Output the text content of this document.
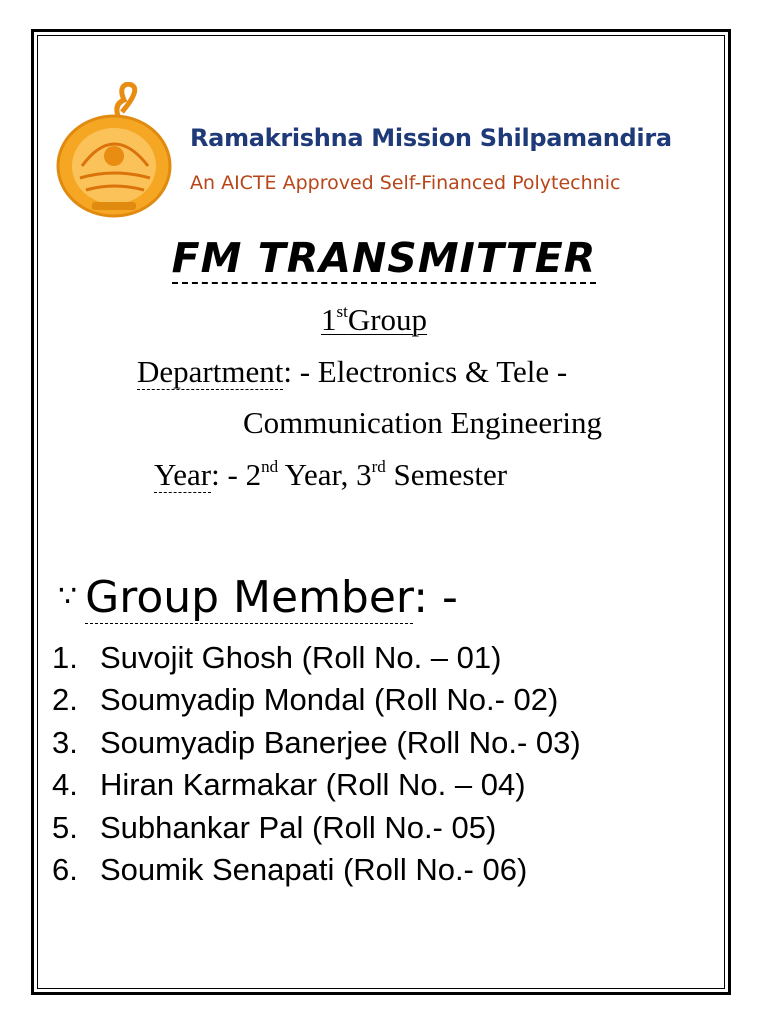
Ramakrishna Mission Shilpamandira
An AICTE Approved Self-Financed Polytechnic
FM TRANSMITTER
1stGroup
Department: - Electronics & Tele -
Communication Engineering
Year: - 2nd Year, 3rd Semester
∵ Group Member: -
1. Suvojit Ghosh (Roll No. – 01)
2. Soumyadip Mondal (Roll No.- 02)
3. Soumyadip Banerjee (Roll No.- 03)
4. Hiran Karmakar (Roll No. – 04)
5. Subhankar Pal (Roll No.- 05)
6. Soumik Senapati (Roll No.- 06)
